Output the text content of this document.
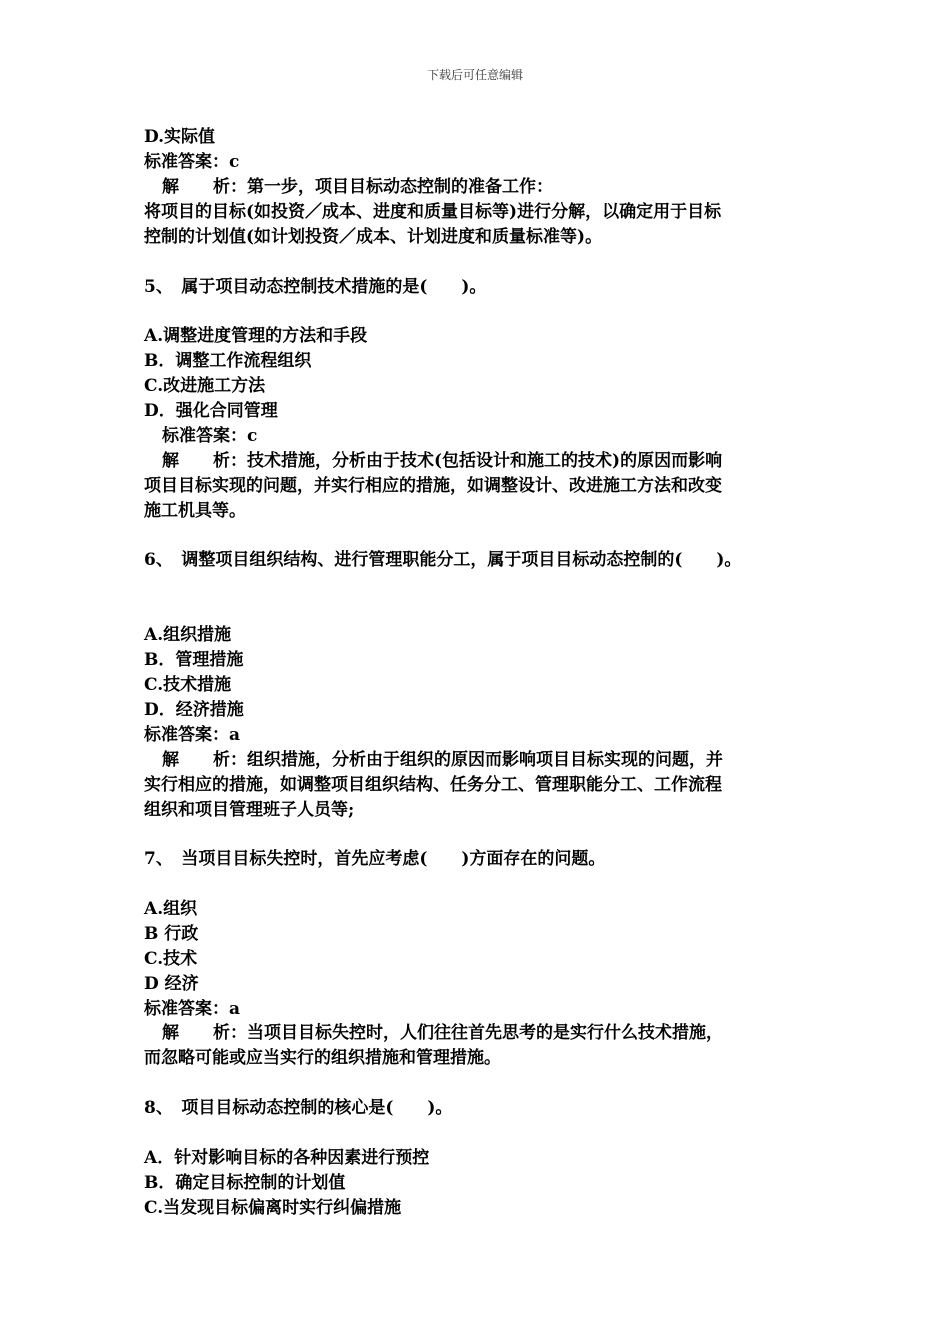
下载后可任意编辑
D.实际值
标准答案：c
解　　析：第一步，项目目标动态控制的准备工作：
将项目的目标(如投资／成本、进度和质量目标等)进行分解，以确定用于目标
控制的计划值(如计划投资／成本、计划进度和质量标准等)。
5、　属于项目动态控制技术措施的是(　　)。
A.调整进度管理的方法和手段
B．调整工作流程组织
C.改进施工方法
D．强化合同管理
标准答案：c
解　　析：技术措施，分析由于技术(包括设计和施工的技术)的原因而影响
项目目标实现的问题，并实行相应的措施，如调整设计、改进施工方法和改变
施工机具等。
6、　调整项目组织结构、进行管理职能分工，属于项目目标动态控制的(　　)。
A.组织措施
B．管理措施
C.技术措施
D．经济措施
标准答案：a
解　　析：组织措施，分析由于组织的原因而影响项目目标实现的问题，并
实行相应的措施，如调整项目组织结构、任务分工、管理职能分工、工作流程
组织和项目管理班子人员等;
7、　当项目目标失控时，首先应考虑(　　)方面存在的问题。
A.组织
B 行政
C.技术
D 经济
标准答案：a
解　　析：当项目目标失控时，人们往往首先思考的是实行什么技术措施，
而忽略可能或应当实行的组织措施和管理措施。
8、　项目目标动态控制的核心是(　　)。
A．针对影响目标的各种因素进行预控
B．确定目标控制的计划值
C.当发现目标偏离时实行纠偏措施
